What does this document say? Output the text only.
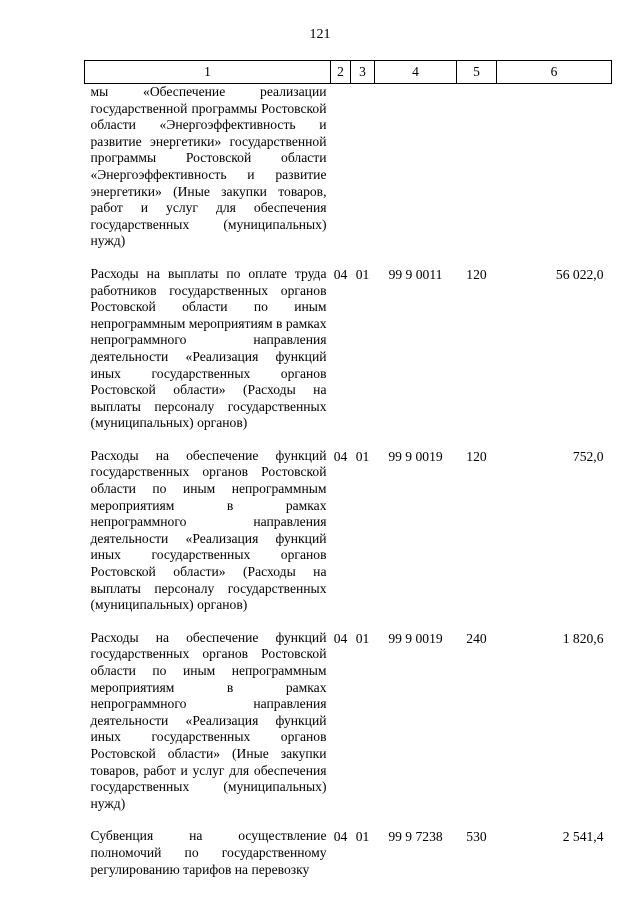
121
1	2	3	4	5	6
мы «Обеспечение реализации государственной программы Ростовской области «Энергоэффективность и развитие энергетики» государственной программы Ростовской области «Энергоэффективность и развитие энергетики» (Иные закупки товаров, работ и услуг для обеспечения государственных (муниципальных) нужд)					

Расходы на выплаты по оплате труда работников государственных органов Ростовской области по иным непрограммным мероприятиям в рамках непрограммного направления деятельности «Реализация функций иных государственных органов Ростовской области» (Расходы на выплаты персоналу государственных (муниципальных) органов)	04	01	99 9 0011	120	56 022,0

Расходы на обеспечение функций государственных органов Ростовской области по иным непрограммным мероприятиям в рамках непрограммного направления деятельности «Реализация функций иных государственных органов Ростовской области» (Расходы на выплаты персоналу государственных (муниципальных) органов)	04	01	99 9 0019	120	752,0

Расходы на обеспечение функций государственных органов Ростовской области по иным непрограммным мероприятиям в рамках непрограммного направления деятельности «Реализация функций иных государственных органов Ростовской области» (Иные закупки товаров, работ и услуг для обеспечения государственных (муниципальных) нужд)	04	01	99 9 0019	240	1 820,6

Субвенция на осуществление полномочий по государственному регулированию тарифов на перевозку	04	01	99 9 7238	530	2 541,4
